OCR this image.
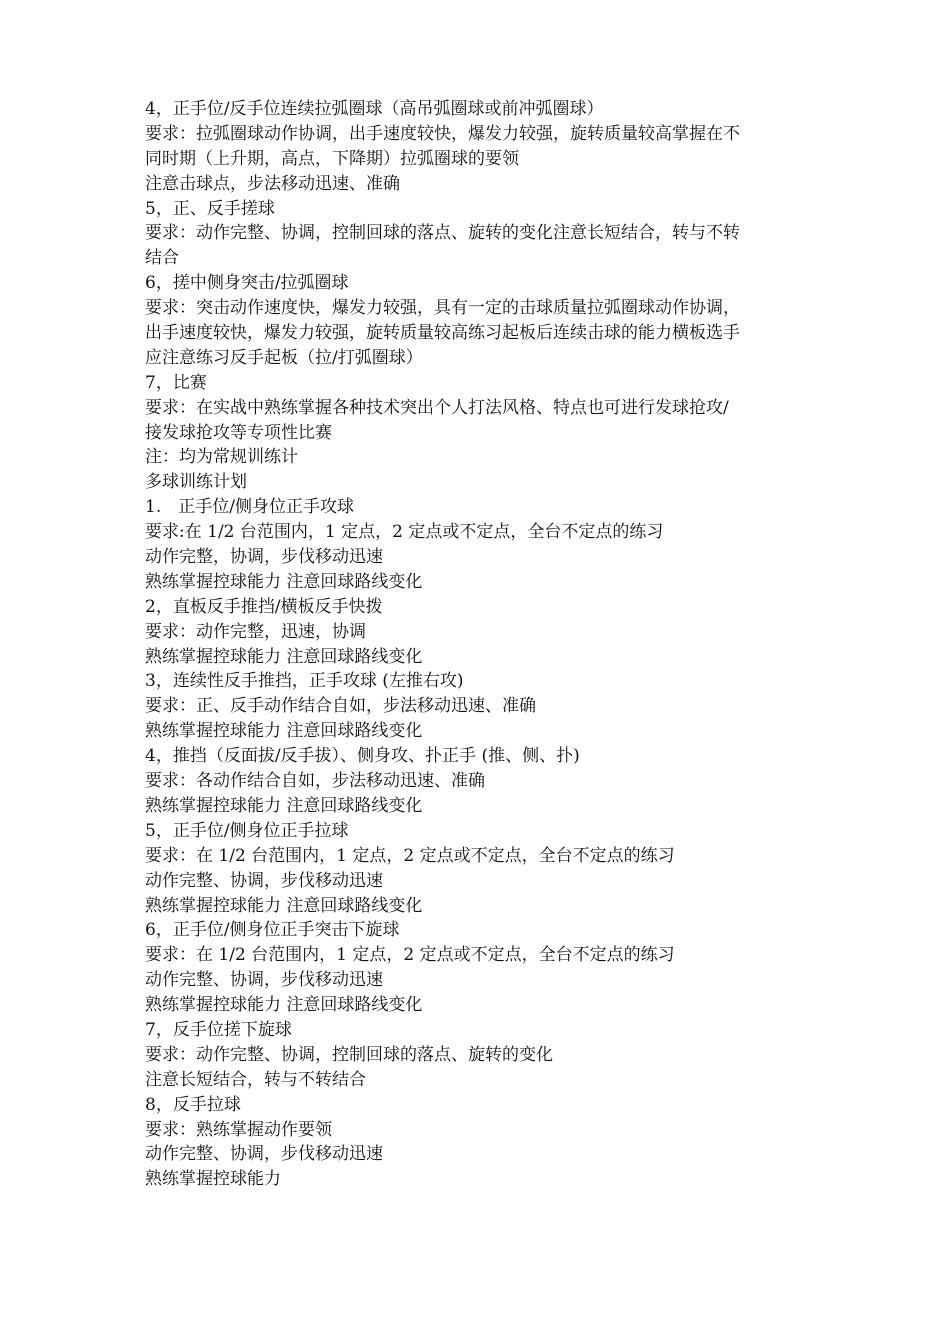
4，正手位/反手位连续拉弧圈球（高吊弧圈球或前冲弧圈球）
要求：拉弧圈球动作协调，出手速度较快，爆发力较强，旋转质量较高掌握在不
同时期（上升期，高点，下降期）拉弧圈球的要领
注意击球点，步法移动迅速、准确
5，正、反手搓球
要求：动作完整、协调，控制回球的落点、旋转的变化注意长短结合，转与不转
结合
6，搓中侧身突击/拉弧圈球
要求：突击动作速度快，爆发力较强，具有一定的击球质量拉弧圈球动作协调，
出手速度较快，爆发力较强，旋转质量较高练习起板后连续击球的能力横板选手
应注意练习反手起板（拉/打弧圈球）
7，比赛
要求：在实战中熟练掌握各种技术突出个人打法风格、特点也可进行发球抢攻/
接发球抢攻等专项性比赛
注：均为常规训练计
多球训练计划
1.　正手位/侧身位正手攻球
要求:在 1/2 台范围内，1 定点，2 定点或不定点，全台不定点的练习
动作完整，协调，步伐移动迅速
熟练掌握控球能力 注意回球路线变化
2，直板反手推挡/横板反手快拨
要求：动作完整，迅速，协调
熟练掌握控球能力 注意回球路线变化
3，连续性反手推挡，正手攻球 (左推右攻)
要求：正、反手动作结合自如，步法移动迅速、准确
熟练掌握控球能力 注意回球路线变化
4，推挡（反面拔/反手拔）、侧身攻、扑正手 (推、侧、扑)
要求：各动作结合自如，步法移动迅速、准确
熟练掌握控球能力 注意回球路线变化
5，正手位/侧身位正手拉球
要求：在 1/2 台范围内，1 定点，2 定点或不定点，全台不定点的练习
动作完整、协调，步伐移动迅速
熟练掌握控球能力 注意回球路线变化
6，正手位/侧身位正手突击下旋球
要求：在 1/2 台范围内，1 定点，2 定点或不定点，全台不定点的练习
动作完整、协调，步伐移动迅速
熟练掌握控球能力 注意回球路线变化
7，反手位搓下旋球
要求：动作完整、协调，控制回球的落点、旋转的变化
注意长短结合，转与不转结合
8，反手拉球
要求：熟练掌握动作要领
动作完整、协调，步伐移动迅速
熟练掌握控球能力
